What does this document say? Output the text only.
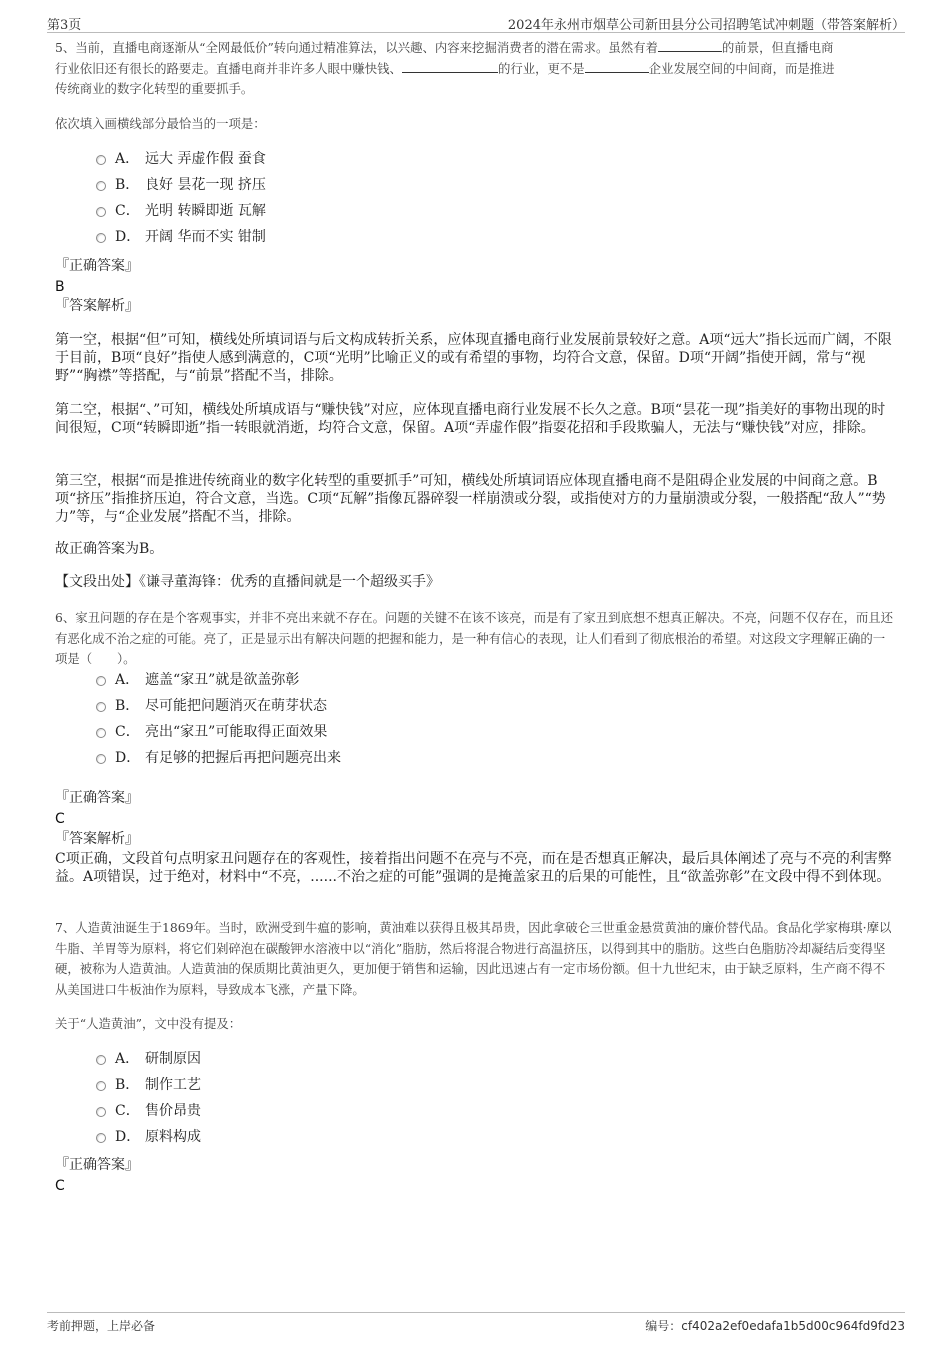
第3页	2024年永州市烟草公司新田县分公司招聘笔试冲刺题（带答案解析）

5、当前，直播电商逐渐从“全网最低价”转向通过精准算法，以兴趣、内容来挖掘消费者的潜在需求。虽然有着	的前景，但直播电商
行业依旧还有很长的路要走。直播电商并非许多人眼中赚快钱、	的行业，更不是	企业发展空间的中间商，而是推进
传统商业的数字化转型的重要抓手。

依次填入画横线部分最恰当的一项是：

A． 远大 弄虚作假 蚕食
B． 良好 昙花一现 挤压
C． 光明 转瞬即逝 瓦解
D． 开阔 华而不实 钳制

『正确答案』

B

『答案解析』

第一空，根据“但”可知，横线处所填词语与后文构成转折关系，应体现直播电商行业发展前景较好之意。A项“远大”指长远而广阔，不限于目前，B项“良好”指使人感到满意的，C项“光明”比喻正义的或有希望的事物，均符合文意，保留。D项“开阔”指使开阔，常与“视野”“胸襟”等搭配，与“前景”搭配不当，排除。

第二空，根据“、”可知，横线处所填成语与“赚快钱”对应，应体现直播电商行业发展不长久之意。B项“昙花一现”指美好的事物出现的时间很短，C项“转瞬即逝”指一转眼就消逝，均符合文意，保留。A项“弄虚作假”指耍花招和手段欺骗人，无法与“赚快钱”对应，排除。

第三空，根据“而是推进传统商业的数字化转型的重要抓手”可知，横线处所填词语应体现直播电商不是阻碍企业发展的中间商之意。B项“挤压”指推挤压迫，符合文意，当选。C项“瓦解”指像瓦器碎裂一样崩溃或分裂，或指使对方的力量崩溃或分裂，一般搭配“敌人”“势力”等，与“企业发展”搭配不当，排除。

故正确答案为B。

【文段出处】《谦寻董海锋：优秀的直播间就是一个超级买手》

6、家丑问题的存在是个客观事实，并非不亮出来就不存在。问题的关键不在该不该亮，而是有了家丑到底想不想真正解决。不亮，问题不仅存在，而且还有恶化成不治之症的可能。亮了，正是显示出有解决问题的把握和能力，是一种有信心的表现，让人们看到了彻底根治的希望。对这段文字理解正确的一项是（　　）。

A． 遮盖“家丑”就是欲盖弥彰
B． 尽可能把问题消灭在萌芽状态
C． 亮出“家丑”可能取得正面效果
D． 有足够的把握后再把问题亮出来

『正确答案』

C

『答案解析』

C项正确，文段首句点明家丑问题存在的客观性，接着指出问题不在亮与不亮，而在是否想真正解决，最后具体阐述了亮与不亮的利害弊益。A项错误，过于绝对，材料中“不亮，......不治之症的可能”强调的是掩盖家丑的后果的可能性，且“欲盖弥彰”在文段中得不到体现。

7、人造黄油诞生于1869年。当时，欧洲受到牛瘟的影响，黄油难以获得且极其昂贵，因此拿破仑三世重金悬赏黄油的廉价替代品。食品化学家梅琪·摩以牛脂、羊胃等为原料，将它们剁碎泡在碳酸钾水溶液中以“消化”脂肪，然后将混合物进行高温挤压，以得到其中的脂肪。这些白色脂肪冷却凝结后变得坚硬，被称为人造黄油。人造黄油的保质期比黄油更久，更加便于销售和运输，因此迅速占有一定市场份额。但十九世纪末，由于缺乏原料，生产商不得不从美国进口牛板油作为原料，导致成本飞涨，产量下降。

关于“人造黄油”，文中没有提及：

A． 研制原因
B． 制作工艺
C． 售价昂贵
D． 原料构成

『正确答案』

C

考前押题，上岸必备	编号：cf402a2ef0edafa1b5d00c964fd9fd23
